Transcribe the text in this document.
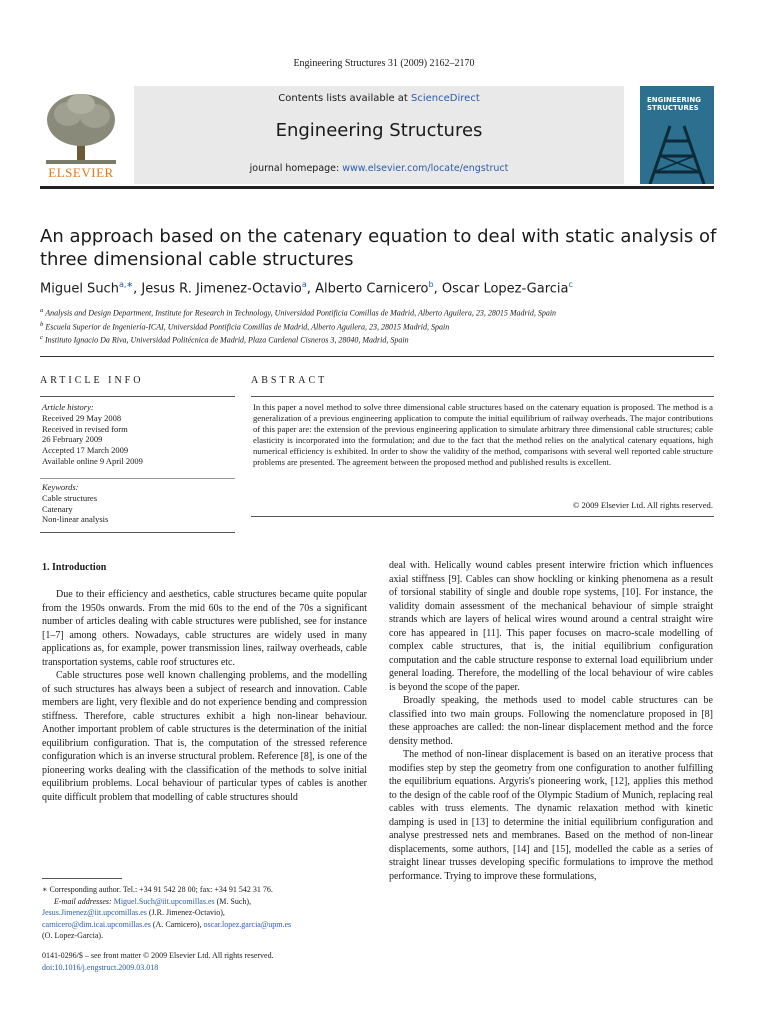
Engineering Structures 31 (2009) 2162–2170
ELSEVIER
Contents lists available at ScienceDirect
Engineering Structures
journal homepage: www.elsevier.com/locate/engstruct
ENGINEERING
STRUCTURES
An approach based on the catenary equation to deal with static analysis of three dimensional cable structures
Miguel Such$^{a,∗}$, Jesus R. Jimenez-Octavio$^a$, Alberto Carnicero$^b$, Oscar Lopez-Garcia$^c$
$^a$ Analysis and Design Department, Institute for Research in Technology, Universidad Pontificia Comillas de Madrid, Alberto Aguilera, 23, 28015 Madrid, Spain
$^b$ Escuela Superior de Ingeniería-ICAI, Universidad Pontificia Comillas de Madrid, Alberto Aguilera, 23, 28015 Madrid, Spain
$^c$ Instituto Ignacio Da Riva, Universidad Politécnica de Madrid, Plaza Cardenal Cisneros 3, 28040, Madrid, Spain
ARTICLE INFO	ABSTRACT
Article history:
Received 29 May 2008
Received in revised form
26 February 2009
Accepted 17 March 2009
Available online 9 April 2009
Keywords:
Cable structures
Catenary
Non-linear analysis
In this paper a novel method to solve three dimensional cable structures based on the catenary equation is proposed. The method is a generalization of a previous engineering application to compute the initial equilibrium of railway overheads. The major contributions of this paper are: the extension of the previous engineering application to simulate arbitrary three dimensional cable structures; cable elasticity is incorporated into the formulation; and due to the fact that the method relies on the analytical catenary equations, high numerical efficiency is exhibited. In order to show the validity of the method, comparisons with several well reported cable structure problems are presented. The agreement between the proposed method and published results is excellent.
© 2009 Elsevier Ltd. All rights reserved.
1. Introduction

Due to their efficiency and aesthetics, cable structures became quite popular from the 1950s onwards. From the mid 60s to the end of the 70s a significant number of articles dealing with cable structures were published, see for instance [1–7] among others. Nowadays, cable structures are widely used in many applications as, for example, power transmission lines, railway overheads, cable transportation systems, cable roof structures etc.

Cable structures pose well known challenging problems, and the modelling of such structures has always been a subject of research and innovation. Cable members are light, very flexible and do not experience bending and compression stiffness. Therefore, cable structures exhibit a high non-linear behaviour. Another important problem of cable structures is the determination of the initial equilibrium configuration. That is, the computation of the stressed reference configuration which is an inverse structural problem. Reference [8], is one of the pioneering works dealing with the classification of the methods to solve initial equilibrium problems. Local behaviour of particular types of cables is another quite difficult problem that modelling of cable structures should

deal with. Helically wound cables present interwire friction which influences axial stiffness [9]. Cables can show hockling or kinking phenomena as a result of torsional stability of single and double rope systems, [10]. For instance, the validity domain assessment of the mechanical behaviour of simple straight strands which are layers of helical wires wound around a central straight wire core has appeared in [11]. This paper focuses on macro-scale modelling of complex cable structures, that is, the initial equilibrium configuration computation and the cable structure response to external load equilibrium under general loading. Therefore, the modelling of the local behaviour of wire cables is beyond the scope of the paper.

Broadly speaking, the methods used to model cable structures can be classified into two main groups. Following the nomenclature proposed in [8] these approaches are called: the non-linear displacement method and the force density method.

The method of non-linear displacement is based on an iterative process that modifies step by step the geometry from one configuration to another fulfilling the equilibrium equations. Argyris's pioneering work, [12], applies this method to the design of the cable roof of the Olympic Stadium of Munich, replacing real cables with truss elements. The dynamic relaxation method with kinetic damping is used in [13] to determine the initial equilibrium configuration and analyse prestressed nets and membranes. Based on the method of non-linear displacements, some authors, [14] and [15], modelled the cable as a series of straight linear trusses developing specific formulations to improve the method performance. Trying to improve these formulations,

∗ Corresponding author. Tel.: +34 91 542 28 00; fax: +34 91 542 31 76.
E-mail addresses: Miguel.Such@iit.upcomillas.es (M. Such),
Jesus.Jimenez@iit.upcomillas.es (J.R. Jimenez-Octavio),
carnicero@dim.icai.upcomillas.es (A. Carnicero), oscar.lopez.garcia@upm.es
(O. Lopez-Garcia).
0141-0296/$ – see front matter © 2009 Elsevier Ltd. All rights reserved.
doi:10.1016/j.engstruct.2009.03.018
